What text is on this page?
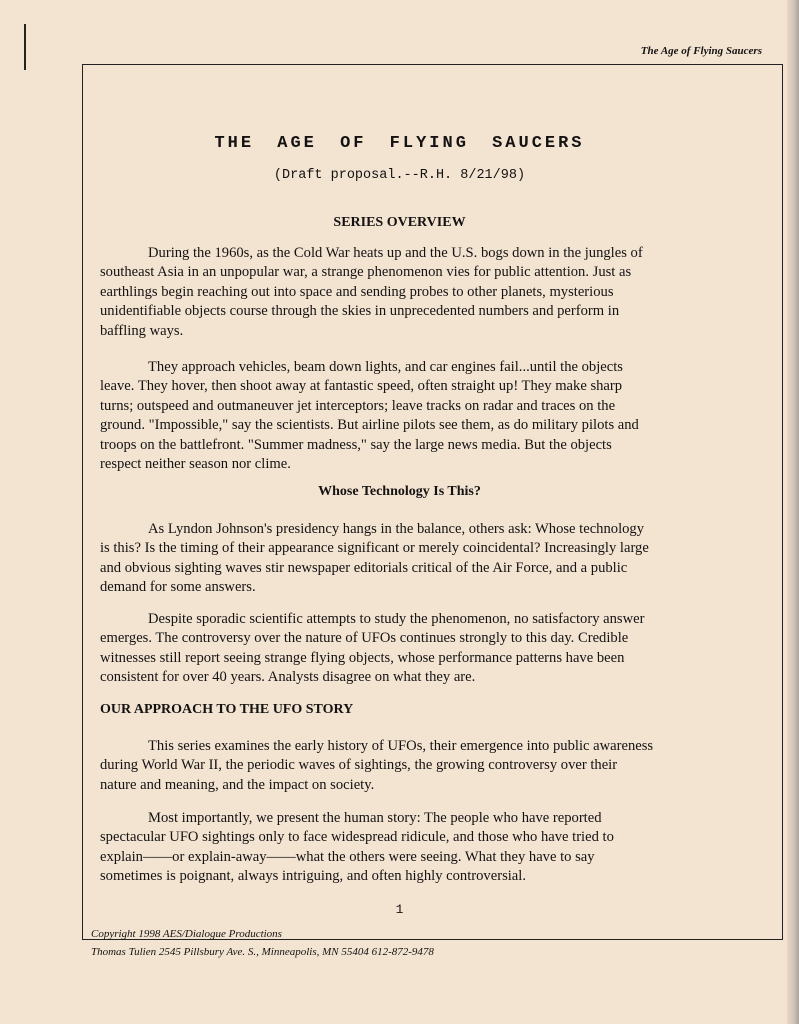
The Age of Flying Saucers
THE AGE OF FLYING SAUCERS
(Draft proposal.--R.H. 8/21/98)
SERIES OVERVIEW
During the 1960s, as the Cold War heats up and the U.S. bogs down in the jungles of
southeast Asia in an unpopular war, a strange phenomenon vies for public attention. Just as
earthlings begin reaching out into space and sending probes to other planets, mysterious
unidentifiable objects course through the skies in unprecedented numbers and perform in
baffling ways.
They approach vehicles, beam down lights, and car engines fail...until the objects
leave. They hover, then shoot away at fantastic speed, often straight up! They make sharp
turns; outspeed and outmaneuver jet interceptors; leave tracks on radar and traces on the
ground. "Impossible," say the scientists. But airline pilots see them, as do military pilots and
troops on the battlefront. "Summer madness," say the large news media. But the objects
respect neither season nor clime.
Whose Technology Is This?
As Lyndon Johnson's presidency hangs in the balance, others ask: Whose technology
is this? Is the timing of their appearance significant or merely coincidental? Increasingly large
and obvious sighting waves stir newspaper editorials critical of the Air Force, and a public
demand for some answers.
Despite sporadic scientific attempts to study the phenomenon, no satisfactory answer
emerges. The controversy over the nature of UFOs continues strongly to this day. Credible
witnesses still report seeing strange flying objects, whose performance patterns have been
consistent for over 40 years. Analysts disagree on what they are.
OUR APPROACH TO THE UFO STORY
This series examines the early history of UFOs, their emergence into public awareness
during World War II, the periodic waves of sightings, the growing controversy over their
nature and meaning, and the impact on society.
Most importantly, we present the human story: The people who have reported
spectacular UFO sightings only to face widespread ridicule, and those who have tried to
explain——or explain-away——what the others were seeing. What they have to say
sometimes is poignant, always intriguing, and often highly controversial.
1
Copyright 1998 AES/Dialogue Productions
Thomas Tulien 2545 Pillsbury Ave. S., Minneapolis, MN 55404 612-872-9478
